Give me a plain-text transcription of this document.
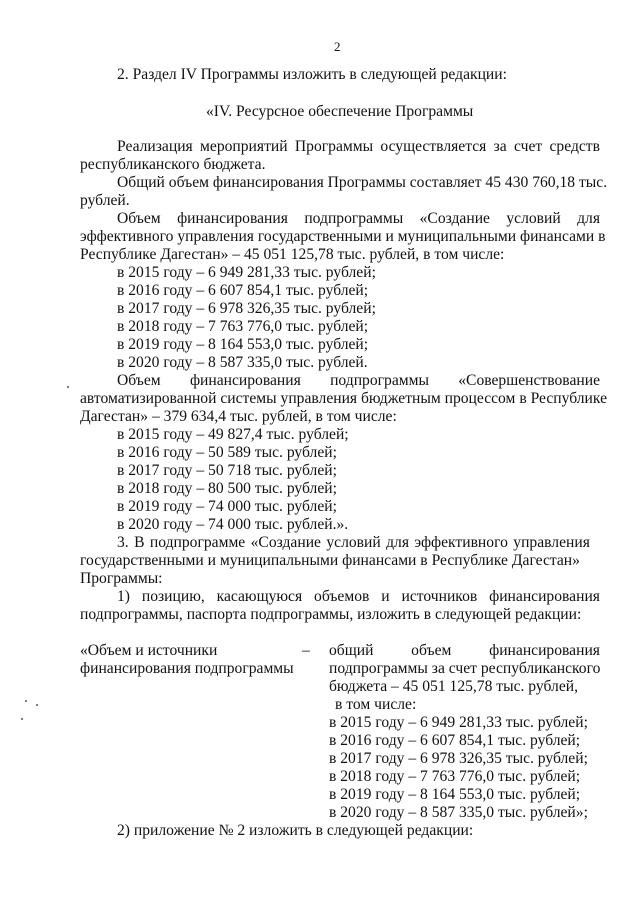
2
2. Раздел IV Программы изложить в следующей редакции:
«IV. Ресурсное обеспечение Программы
Реализация мероприятий Программы осуществляется за счет средств
республиканского бюджета.
Общий объем финансирования Программы составляет 45 430 760,18 тыс.
рублей.
Объем финансирования подпрограммы «Создание условий для
эффективного управления государственными и муниципальными финансами в
Республике Дагестан» – 45 051 125,78 тыс. рублей, в том числе:
в 2015 году – 6 949 281,33 тыс. рублей;
в 2016 году – 6 607 854,1 тыс. рублей;
в 2017 году – 6 978 326,35 тыс. рублей;
в 2018 году – 7 763 776,0 тыс. рублей;
в 2019 году – 8 164 553,0 тыс. рублей;
в 2020 году – 8 587 335,0 тыс. рублей.
Объем финансирования подпрограммы «Совершенствование
автоматизированной системы управления бюджетным процессом в Республике
Дагестан» – 379 634,4 тыс. рублей, в том числе:
в 2015 году – 49 827,4 тыс. рублей;
в 2016 году – 50 589 тыс. рублей;
в 2017 году – 50 718 тыс. рублей;
в 2018 году – 80 500 тыс. рублей;
в 2019 году – 74 000 тыс. рублей;
в 2020 году – 74 000 тыс. рублей.».
3. В подпрограмме «Создание условий для эффективного управления
государственными и муниципальными финансами в Республике Дагестан»
Программы:
1) позицию, касающуюся объемов и источников финансирования
подпрограммы, паспорта подпрограммы, изложить в следующей редакции:
«Объем и источники
финансирования подпрограммы
– общий объем финансирования
подпрограммы за счет республиканского
бюджета – 45 051 125,78 тыс. рублей,
в том числе:
в 2015 году – 6 949 281,33 тыс. рублей;
в 2016 году – 6 607 854,1 тыс. рублей;
в 2017 году – 6 978 326,35 тыс. рублей;
в 2018 году – 7 763 776,0 тыс. рублей;
в 2019 году – 8 164 553,0 тыс. рублей;
в 2020 году – 8 587 335,0 тыс. рублей»;
2) приложение № 2 изложить в следующей редакции:
